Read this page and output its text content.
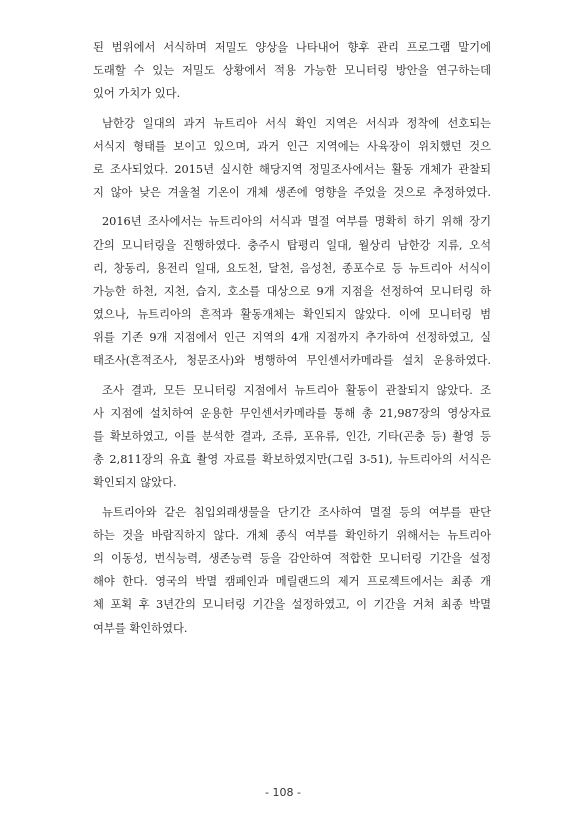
된 범위에서 서식하며 저밀도 양상을 나타내어 향후 관리 프로그램 말기에
도래할 수 있는 저밀도 상황에서 적용 가능한 모니터링 방안을 연구하는데
있어 가치가 있다.
남한강 일대의 과거 뉴트리아 서식 확인 지역은 서식과 정착에 선호되는
서식지 형태를 보이고 있으며, 과거 인근 지역에는 사육장이 위치했던 것으
로 조사되었다. 2015년 실시한 해당지역 정밀조사에서는 활동 개체가 관찰되
지 않아 낮은 겨울철 기온이 개체 생존에 영향을 주었을 것으로 추정하였다.
2016년 조사에서는 뉴트리아의 서식과 멸절 여부를 명확히 하기 위해 장기
간의 모니터링을 진행하였다. 충주시 탑평리 일대, 월상리 남한강 지류, 오석
리, 창동리, 용전리 일대, 요도천, 달천, 음성천, 종포수로 등 뉴트리아 서식이
가능한 하천, 지천, 습지, 호소를 대상으로 9개 지점을 선정하여 모니터링 하
였으나, 뉴트리아의 흔적과 활동개체는 확인되지 않았다. 이에 모니터링 범
위를 기존 9개 지점에서 인근 지역의 4개 지점까지 추가하여 선정하였고, 실
태조사(흔적조사, 청문조사)와 병행하여 무인센서카메라를 설치 운용하였다.
조사 결과, 모든 모니터링 지점에서 뉴트리아 활동이 관찰되지 않았다. 조
사 지점에 설치하여 운용한 무인센서카메라를 통해 총 21,987장의 영상자료
를 확보하였고, 이를 분석한 결과, 조류, 포유류, 인간, 기타(곤충 등) 촬영 등
총 2,811장의 유효 촬영 자료를 확보하였지만(그림 3-51), 뉴트리아의 서식은
확인되지 않았다.
뉴트리아와 같은 침입외래생물을 단기간 조사하여 멸절 등의 여부를 판단
하는 것을 바람직하지 않다. 개체 종식 여부를 확인하기 위해서는 뉴트리아
의 이동성, 번식능력, 생존능력 등을 감안하여 적합한 모니터링 기간을 설정
해야 한다. 영국의 박멸 캠페인과 메릴랜드의 제거 프로젝트에서는 최종 개
체 포획 후 3년간의 모니터링 기간을 설정하였고, 이 기간을 거쳐 최종 박멸
여부를 확인하였다.
- 108 -
